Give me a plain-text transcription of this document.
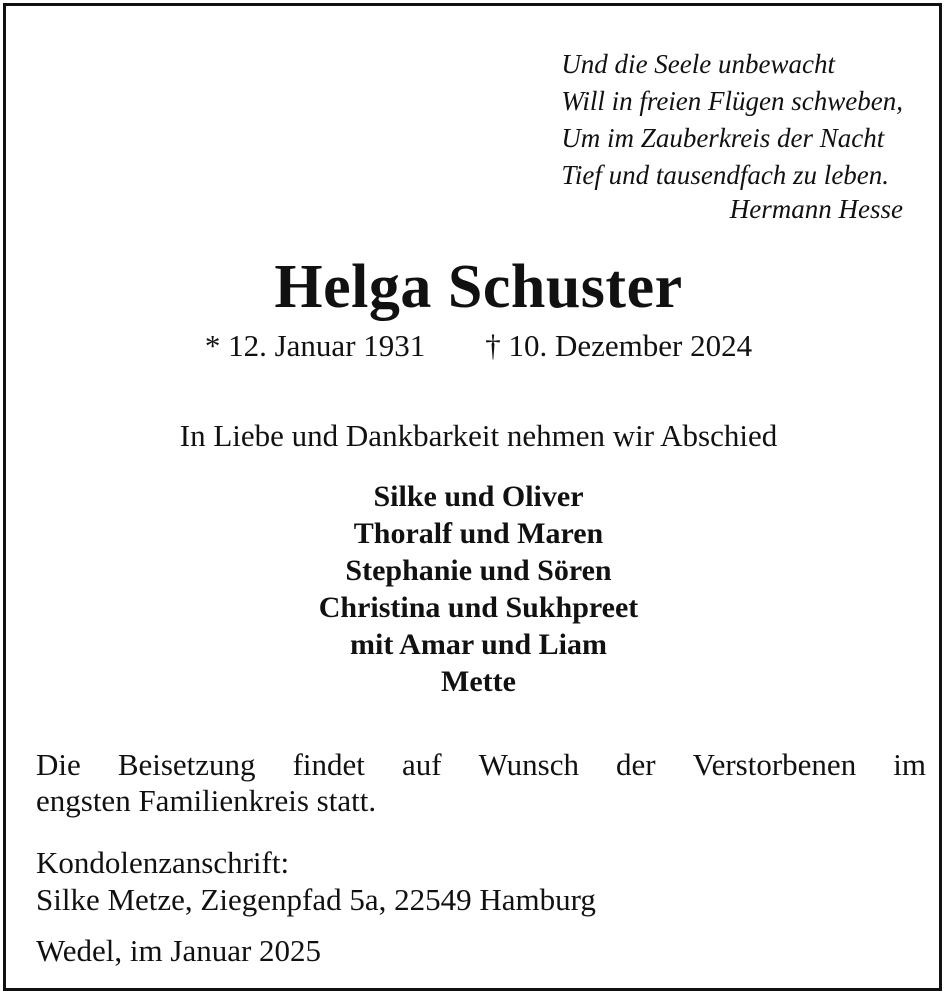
Und die Seele unbewacht
Will in freien Flügen schweben,
Um im Zauberkreis der Nacht
Tief und tausendfach zu leben.
Hermann Hesse
Helga Schuster
* 12. Januar 1931 † 10. Dezember 2024
In Liebe und Dankbarkeit nehmen wir Abschied
Silke und Oliver
Thoralf und Maren
Stephanie und Sören
Christina und Sukhpreet
mit Amar und Liam
Mette
Die Beisetzung findet auf Wunsch der Verstorbenen im
engsten Familienkreis statt.
Kondolenzanschrift:
Silke Metze, Ziegenpfad 5a, 22549 Hamburg
Wedel, im Januar 2025
